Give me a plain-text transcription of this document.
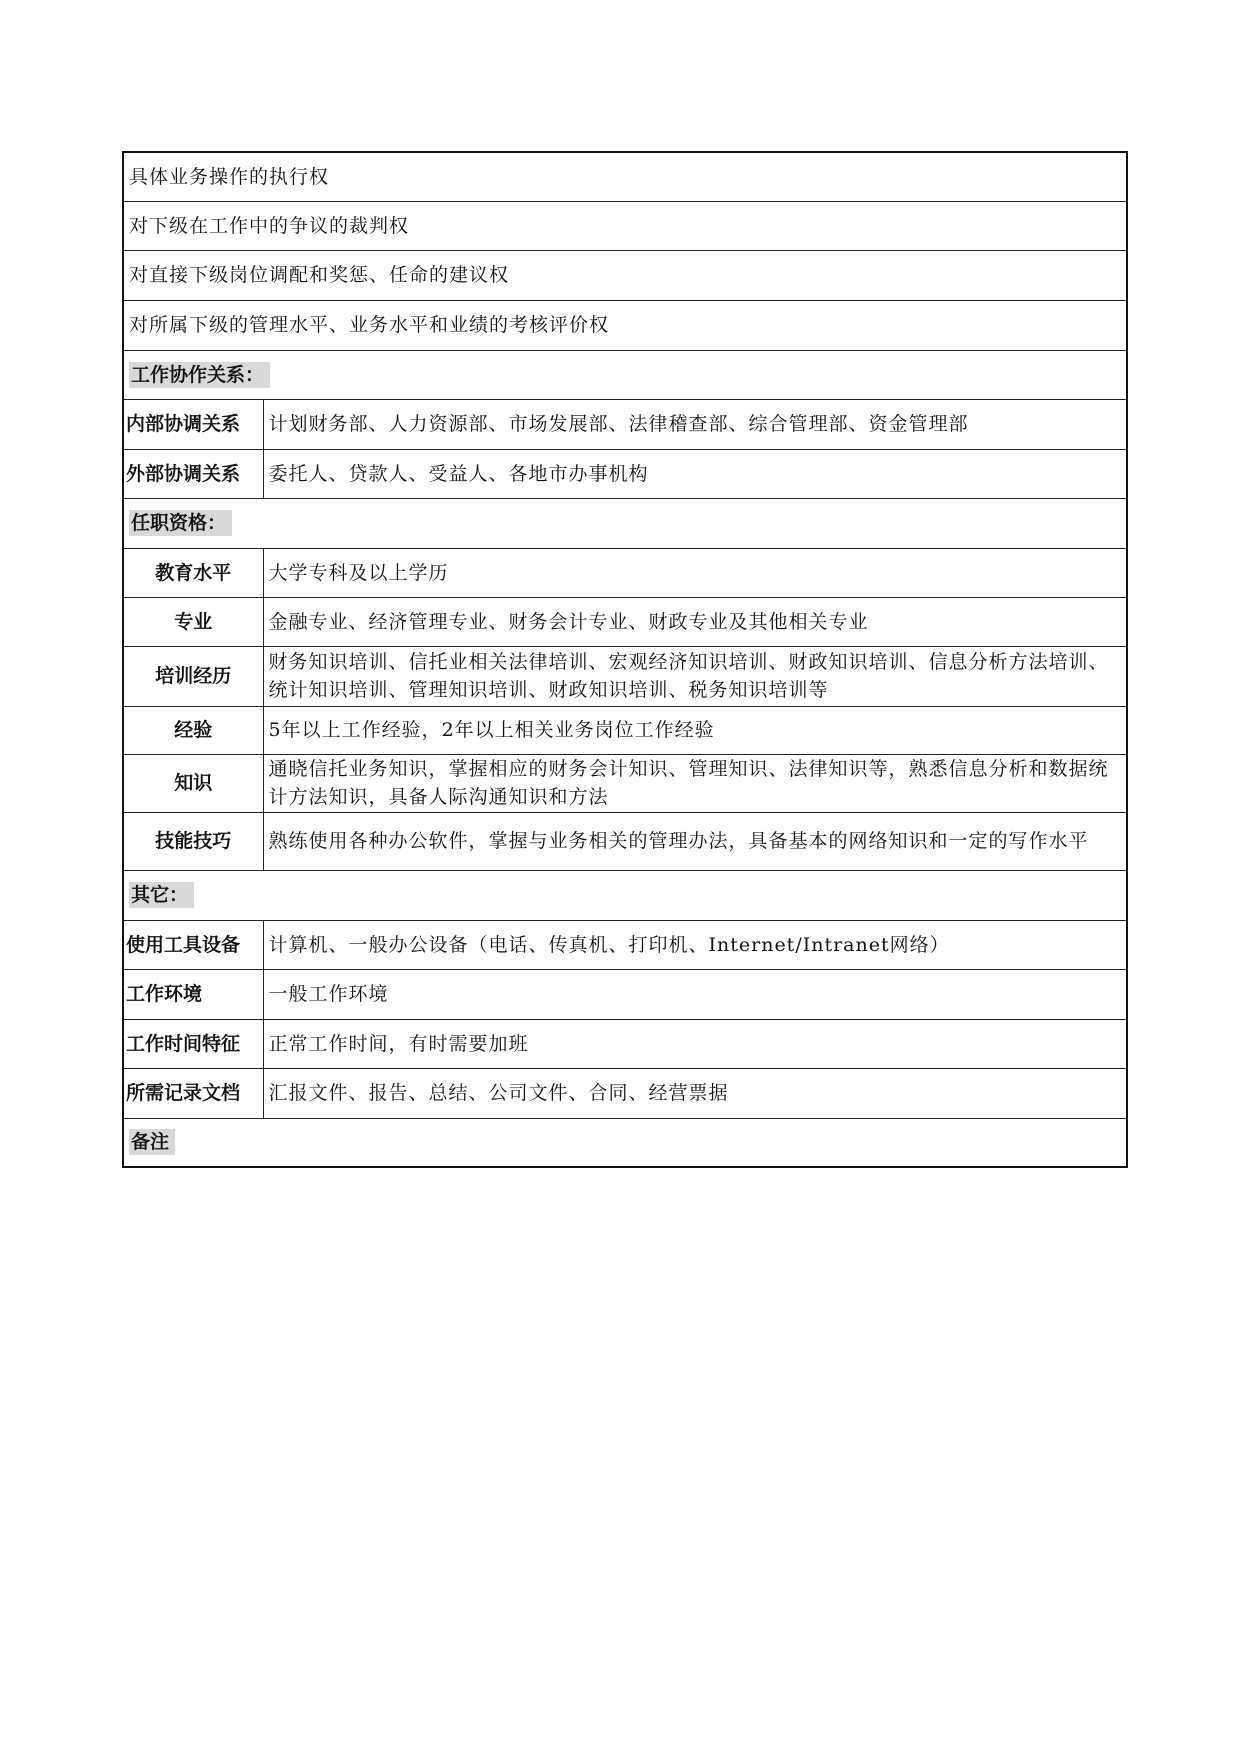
具体业务操作的执行权	
对下级在工作中的争议的裁判权	
对直接下级岗位调配和奖惩、任命的建议权	
对所属下级的管理水平、业务水平和业绩的考核评价权	
工作协作关系：	
内部协调关系	计划财务部、人力资源部、市场发展部、法律稽查部、综合管理部、资金管理部
外部协调关系	委托人、贷款人、受益人、各地市办事机构
任职资格：	
教育水平	大学专科及以上学历
专业	金融专业、经济管理专业、财务会计专业、财政专业及其他相关专业
培训经历	财务知识培训、信托业相关法律培训、宏观经济知识培训、财政知识培训、信息分析方法培训、统计知识培训、管理知识培训、财政知识培训、税务知识培训等
经验	5年以上工作经验，2年以上相关业务岗位工作经验
知识	通晓信托业务知识，掌握相应的财务会计知识、管理知识、法律知识等，熟悉信息分析和数据统计方法知识，具备人际沟通知识和方法
技能技巧	熟练使用各种办公软件，掌握与业务相关的管理办法，具备基本的网络知识和一定的写作水平
其它：	
使用工具设备	计算机、一般办公设备（电话、传真机、打印机、Internet/Intranet网络）
工作环境	一般工作环境
工作时间特征	正常工作时间，有时需要加班
所需记录文档	汇报文件、报告、总结、公司文件、合同、经营票据
备注	
